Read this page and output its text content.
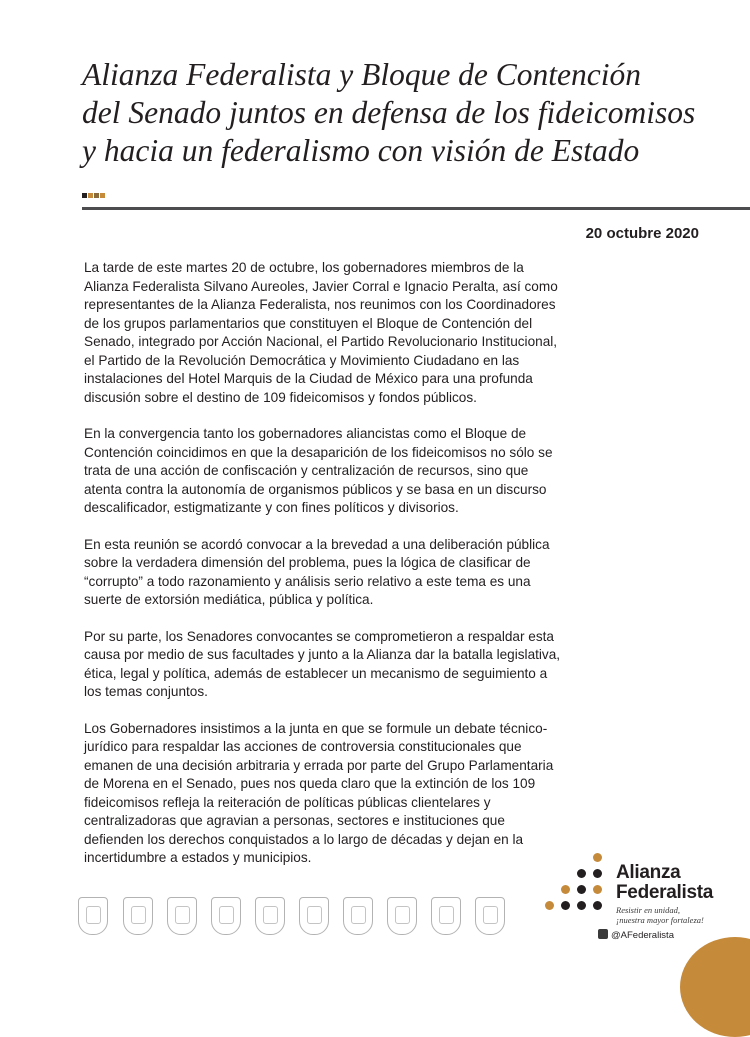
Alianza Federalista y Bloque de Contención
del Senado juntos en defensa de los fideicomisos
y hacia un federalismo con visión de Estado
20 octubre 2020

La tarde de este martes 20 de octubre, los gobernadores miembros de la Alianza Federalista Silvano Aureoles, Javier Corral e Ignacio Peralta, así como representantes de la Alianza Federalista, nos reunimos con los Coordinadores de los grupos parlamentarios que constituyen el Bloque de Contención del Senado, integrado por Acción Nacional, el Partido Revolucionario Institucional, el Partido de la Revolución Democrática y Movimiento Ciudadano en las instalaciones del Hotel Marquis de la Ciudad de México para una profunda discusión sobre el destino de 109 fideicomisos y fondos públicos.

En la convergencia tanto los gobernadores aliancistas como el Bloque de Contención coincidimos en que la desaparición de los fideicomisos no sólo se trata de una acción de confiscación y centralización de recursos, sino que atenta contra la autonomía de organismos públicos y se basa en un discurso descalificador, estigmatizante y con fines políticos y divisorios.

En esta reunión se acordó convocar a la brevedad a una deliberación pública sobre la verdadera dimensión del problema, pues la lógica de clasificar de “corrupto” a todo razonamiento y análisis serio relativo a este tema es una suerte de extorsión mediática, pública y política.

Por su parte, los Senadores convocantes se comprometieron a respaldar esta causa por medio de sus facultades y junto a la Alianza dar la batalla legislativa, ética, legal y política, además de establecer un mecanismo de seguimiento a los temas conjuntos.

Los Gobernadores insistimos a la junta en que se formule un debate técnico-jurídico para respaldar las acciones de controversia constitucionales que emanen de una decisión arbitraria y errada por parte del Grupo Parlamentaria de Morena en el Senado, pues nos queda claro que la extinción de los 109 fideicomisos refleja la reiteración de políticas públicas clientelares y centralizadoras que agravian a personas, sectores e instituciones que defienden los derechos conquistados a lo largo de décadas y dejan en la incertidumbre a estados y municipios.

Alianza
Federalista
Resistir en unidad,
¡nuestra mayor fortaleza!
@AFederalista
